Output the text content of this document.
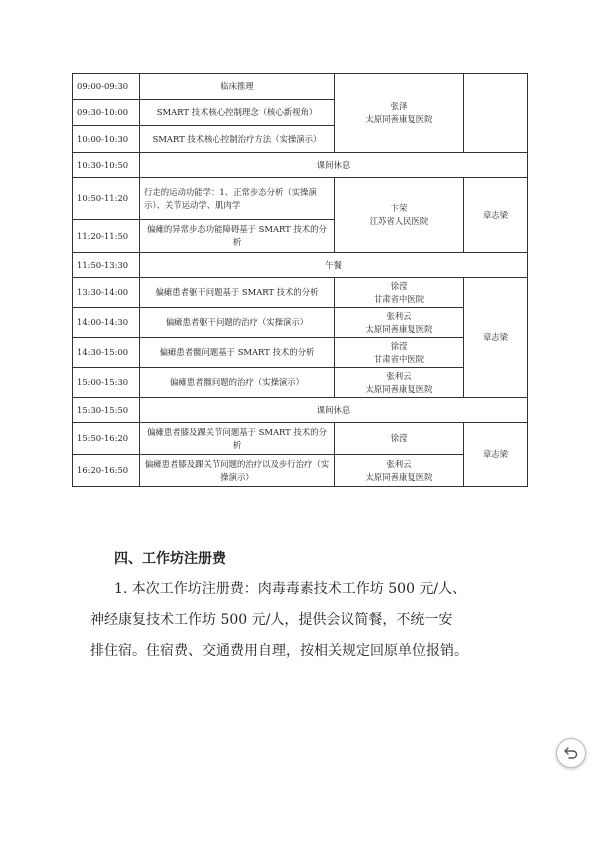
09:00-09:30	临床推理	张泽
太原同善康复医院	
09:30-10:00	SMART 技术核心控制理念（核心新视角）		
10:00-10:30	SMART 技术核心控制治疗方法（实操演示）		
10:30-10:50	课间休息		
10:50-11:20	行走的运动功能学：1、正常步态分析（实操演示）、关节运动学、肌肉学	卞荣
江苏省人民医院	章志梁
11:20-11:50	偏瘫的异常步态功能障碍基于 SMART 技术的分析		
11:50-13:30	午餐		
13:30-14:00	偏瘫患者躯干问题基于 SMART 技术的分析	徐滢
甘肃省中医院	章志梁
14:00-14:30	偏瘫患者躯干问题的治疗（实操演示）	张利云
太原同善康复医院	
14:30-15:00	偏瘫患者髋问题基于 SMART 技术的分析	徐滢
甘肃省中医院	
15:00-15:30	偏瘫患者髋问题的治疗（实操演示）	张利云
太原同善康复医院	
15:30-15:50	课间休息		
15:50-16:20	偏瘫患者膝及踝关节问题基于 SMART 技术的分析	徐滢	章志梁
16:20-16:50	偏瘫患者膝及踝关节问题的治疗以及步行治疗（实操演示）	张利云
太原同善康复医院	
四、工作坊注册费

1. 本次工作坊注册费：肉毒毒素技术工作坊 500 元/人、
神经康复技术工作坊 500 元/人，提供会议简餐，不统一安
排住宿。住宿费、交通费用自理，按相关规定回原单位报销。
